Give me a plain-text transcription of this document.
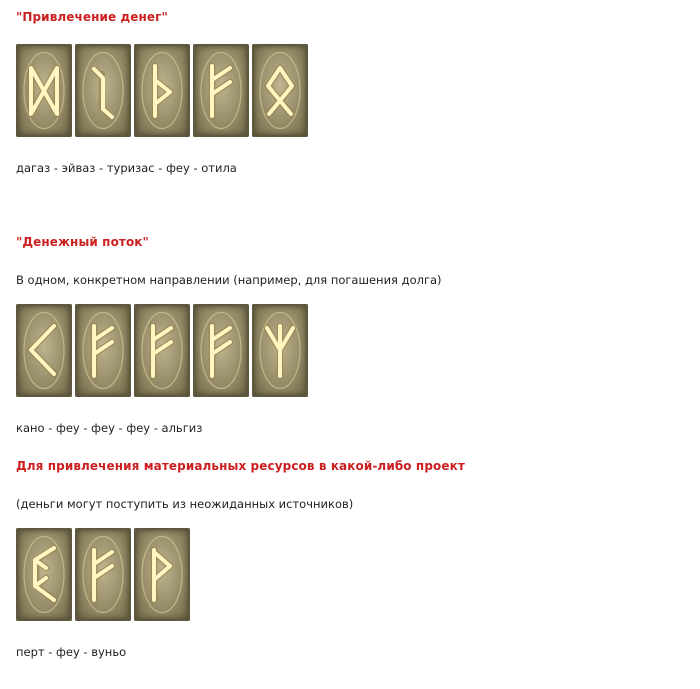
"Привлечение денег"
дагаз - эйваз - туризас - феу - отила
"Денежный поток"
В одном, конкретном направлении (например, для погашения долга)
кано - феу - феу - феу - альгиз
Для привлечения материальных ресурсов в какой-либо проект
(деньги могут поступить из неожиданных источников)
перт - феу - вуньо
